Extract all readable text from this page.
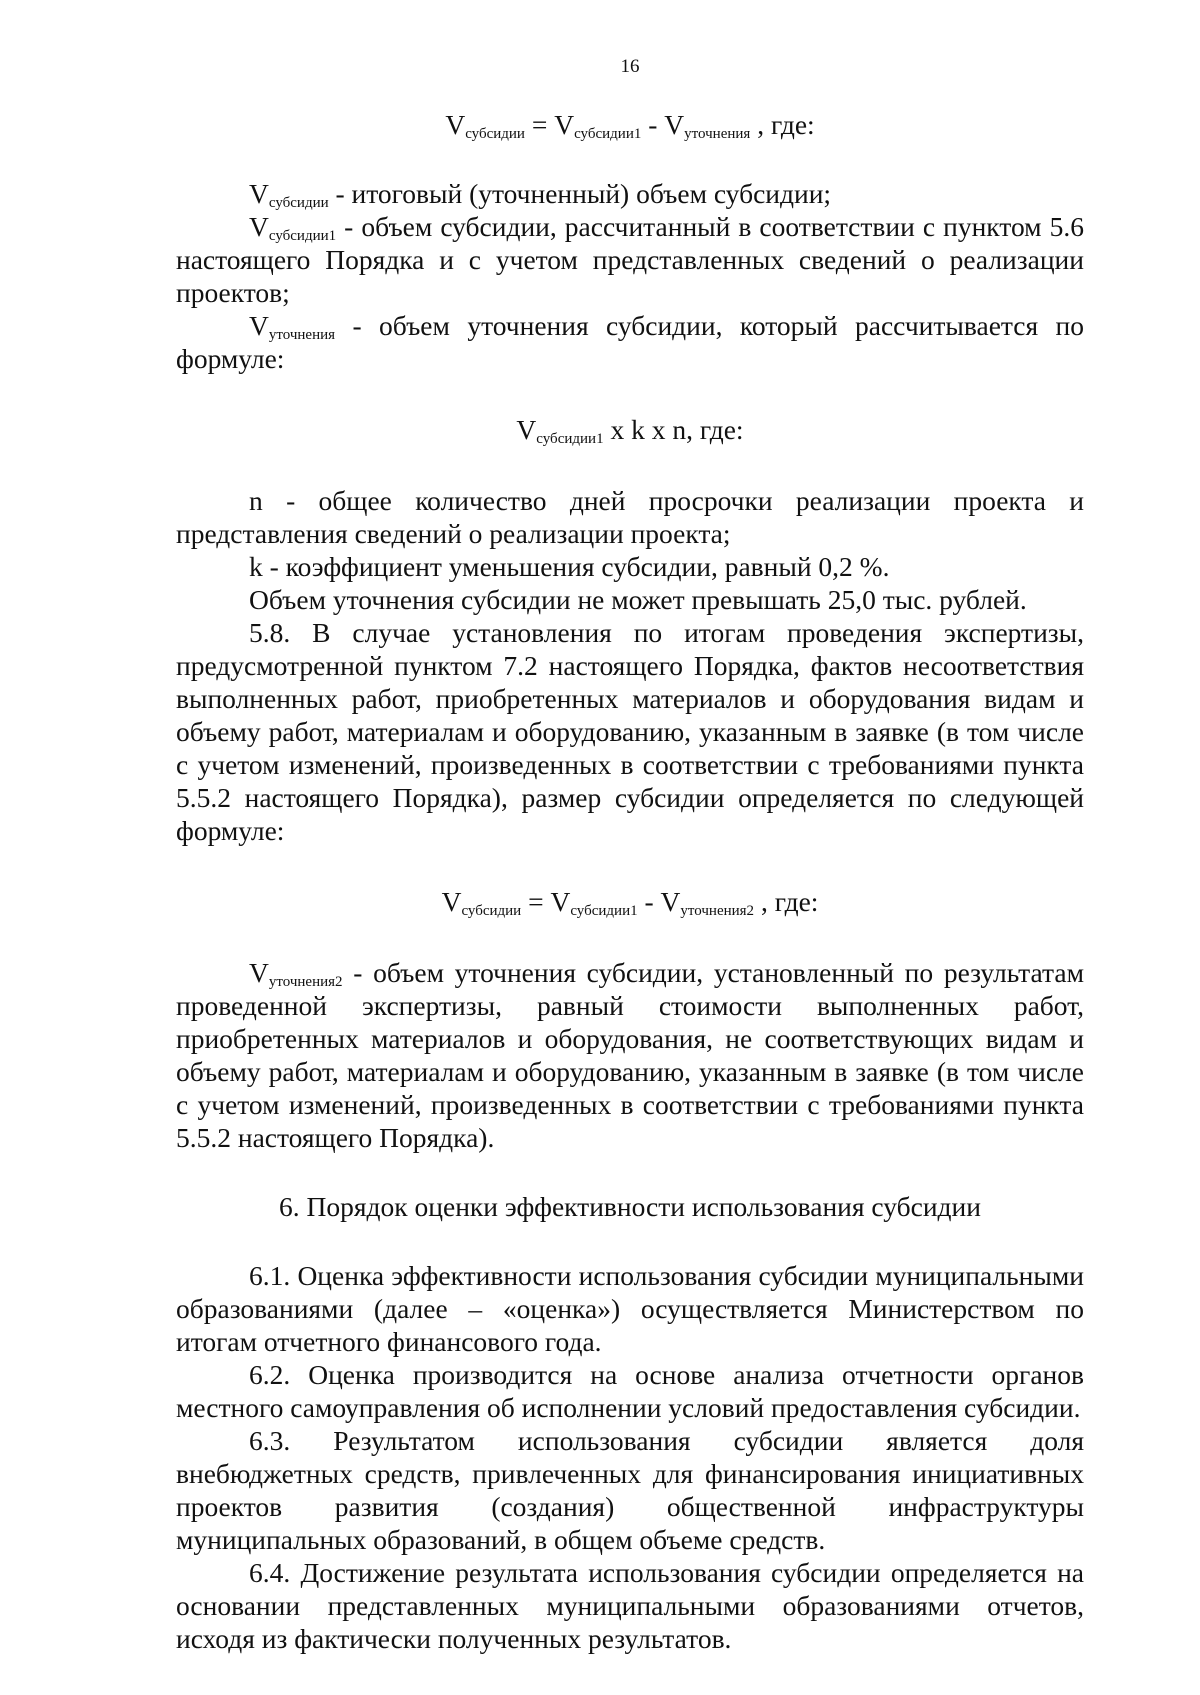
16

$V_{субсидии} = V_{субсидии1} - V_{уточнения}$ , где:

$V_{субсидии}$ - итоговый (уточненный) объем субсидии;

$V_{субсидии1}$ - объем субсидии, рассчитанный в соответствии с пунктом 5.6 настоящего Порядка и с учетом представленных сведений о реализации проектов;

$V_{уточнения}$ - объем уточнения субсидии, который рассчитывается по формуле:

$V_{субсидии1}$ x k x n, где:

n - общее количество дней просрочки реализации проекта и представления сведений о реализации проекта;

k - коэффициент уменьшения субсидии, равный 0,2 %.

Объем уточнения субсидии не может превышать 25,0 тыс. рублей.

5.8. В случае установления по итогам проведения экспертизы, предусмотренной пунктом 7.2 настоящего Порядка, фактов несоответствия выполненных работ, приобретенных материалов и оборудования видам и объему работ, материалам и оборудованию, указанным в заявке (в том числе с учетом изменений, произведенных в соответствии с требованиями пункта 5.5.2 настоящего Порядка), размер субсидии определяется по следующей формуле:

$V_{субсидии} = V_{субсидии1} - V_{уточнения2}$ , где:

$V_{уточнения2}$ - объем уточнения субсидии, установленный по результатам проведенной экспертизы, равный стоимости выполненных работ, приобретенных материалов и оборудования, не соответствующих видам и объему работ, материалам и оборудованию, указанным в заявке (в том числе с учетом изменений, произведенных в соответствии с требованиями пункта 5.5.2 настоящего Порядка).

6. Порядок оценки эффективности использования субсидии

6.1. Оценка эффективности использования субсидии муниципальными образованиями (далее – «оценка») осуществляется Министерством по итогам отчетного финансового года.

6.2. Оценка производится на основе анализа отчетности органов местного самоуправления об исполнении условий предоставления субсидии.

6.3. Результатом использования субсидии является доля внебюджетных средств, привлеченных для финансирования инициативных проектов развития (создания) общественной инфраструктуры муниципальных образований, в общем объеме средств.

6.4. Достижение результата использования субсидии определяется на основании представленных муниципальными образованиями отчетов, исходя из фактически полученных результатов.
